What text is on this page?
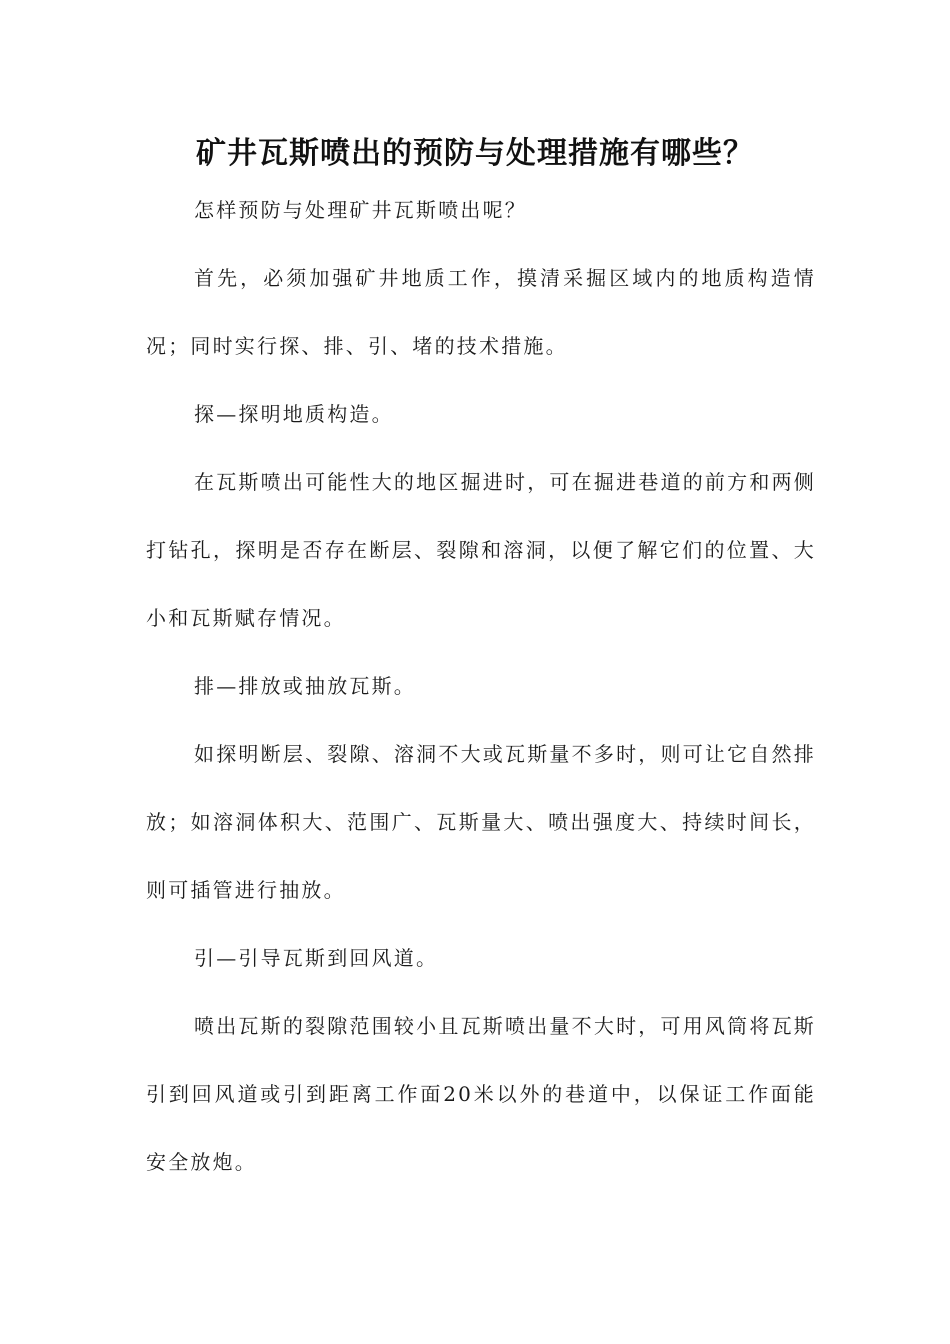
矿井瓦斯喷出的预防与处理措施有哪些？

怎样预防与处理矿井瓦斯喷出呢？

首先，必须加强矿井地质工作，摸清采掘区域内的地质构造情况；同时实行探、排、引、堵的技术措施。

探—探明地质构造。

在瓦斯喷出可能性大的地区掘进时，可在掘进巷道的前方和两侧打钻孔，探明是否存在断层、裂隙和溶洞，以便了解它们的位置、大小和瓦斯赋存情况。

排—排放或抽放瓦斯。

如探明断层、裂隙、溶洞不大或瓦斯量不多时，则可让它自然排放；如溶洞体积大、范围广、瓦斯量大、喷出强度大、持续时间长，则可插管进行抽放。

引—引导瓦斯到回风道。

喷出瓦斯的裂隙范围较小且瓦斯喷出量不大时，可用风筒将瓦斯引到回风道或引到距离工作面20米以外的巷道中，以保证工作面能安全放炮。
